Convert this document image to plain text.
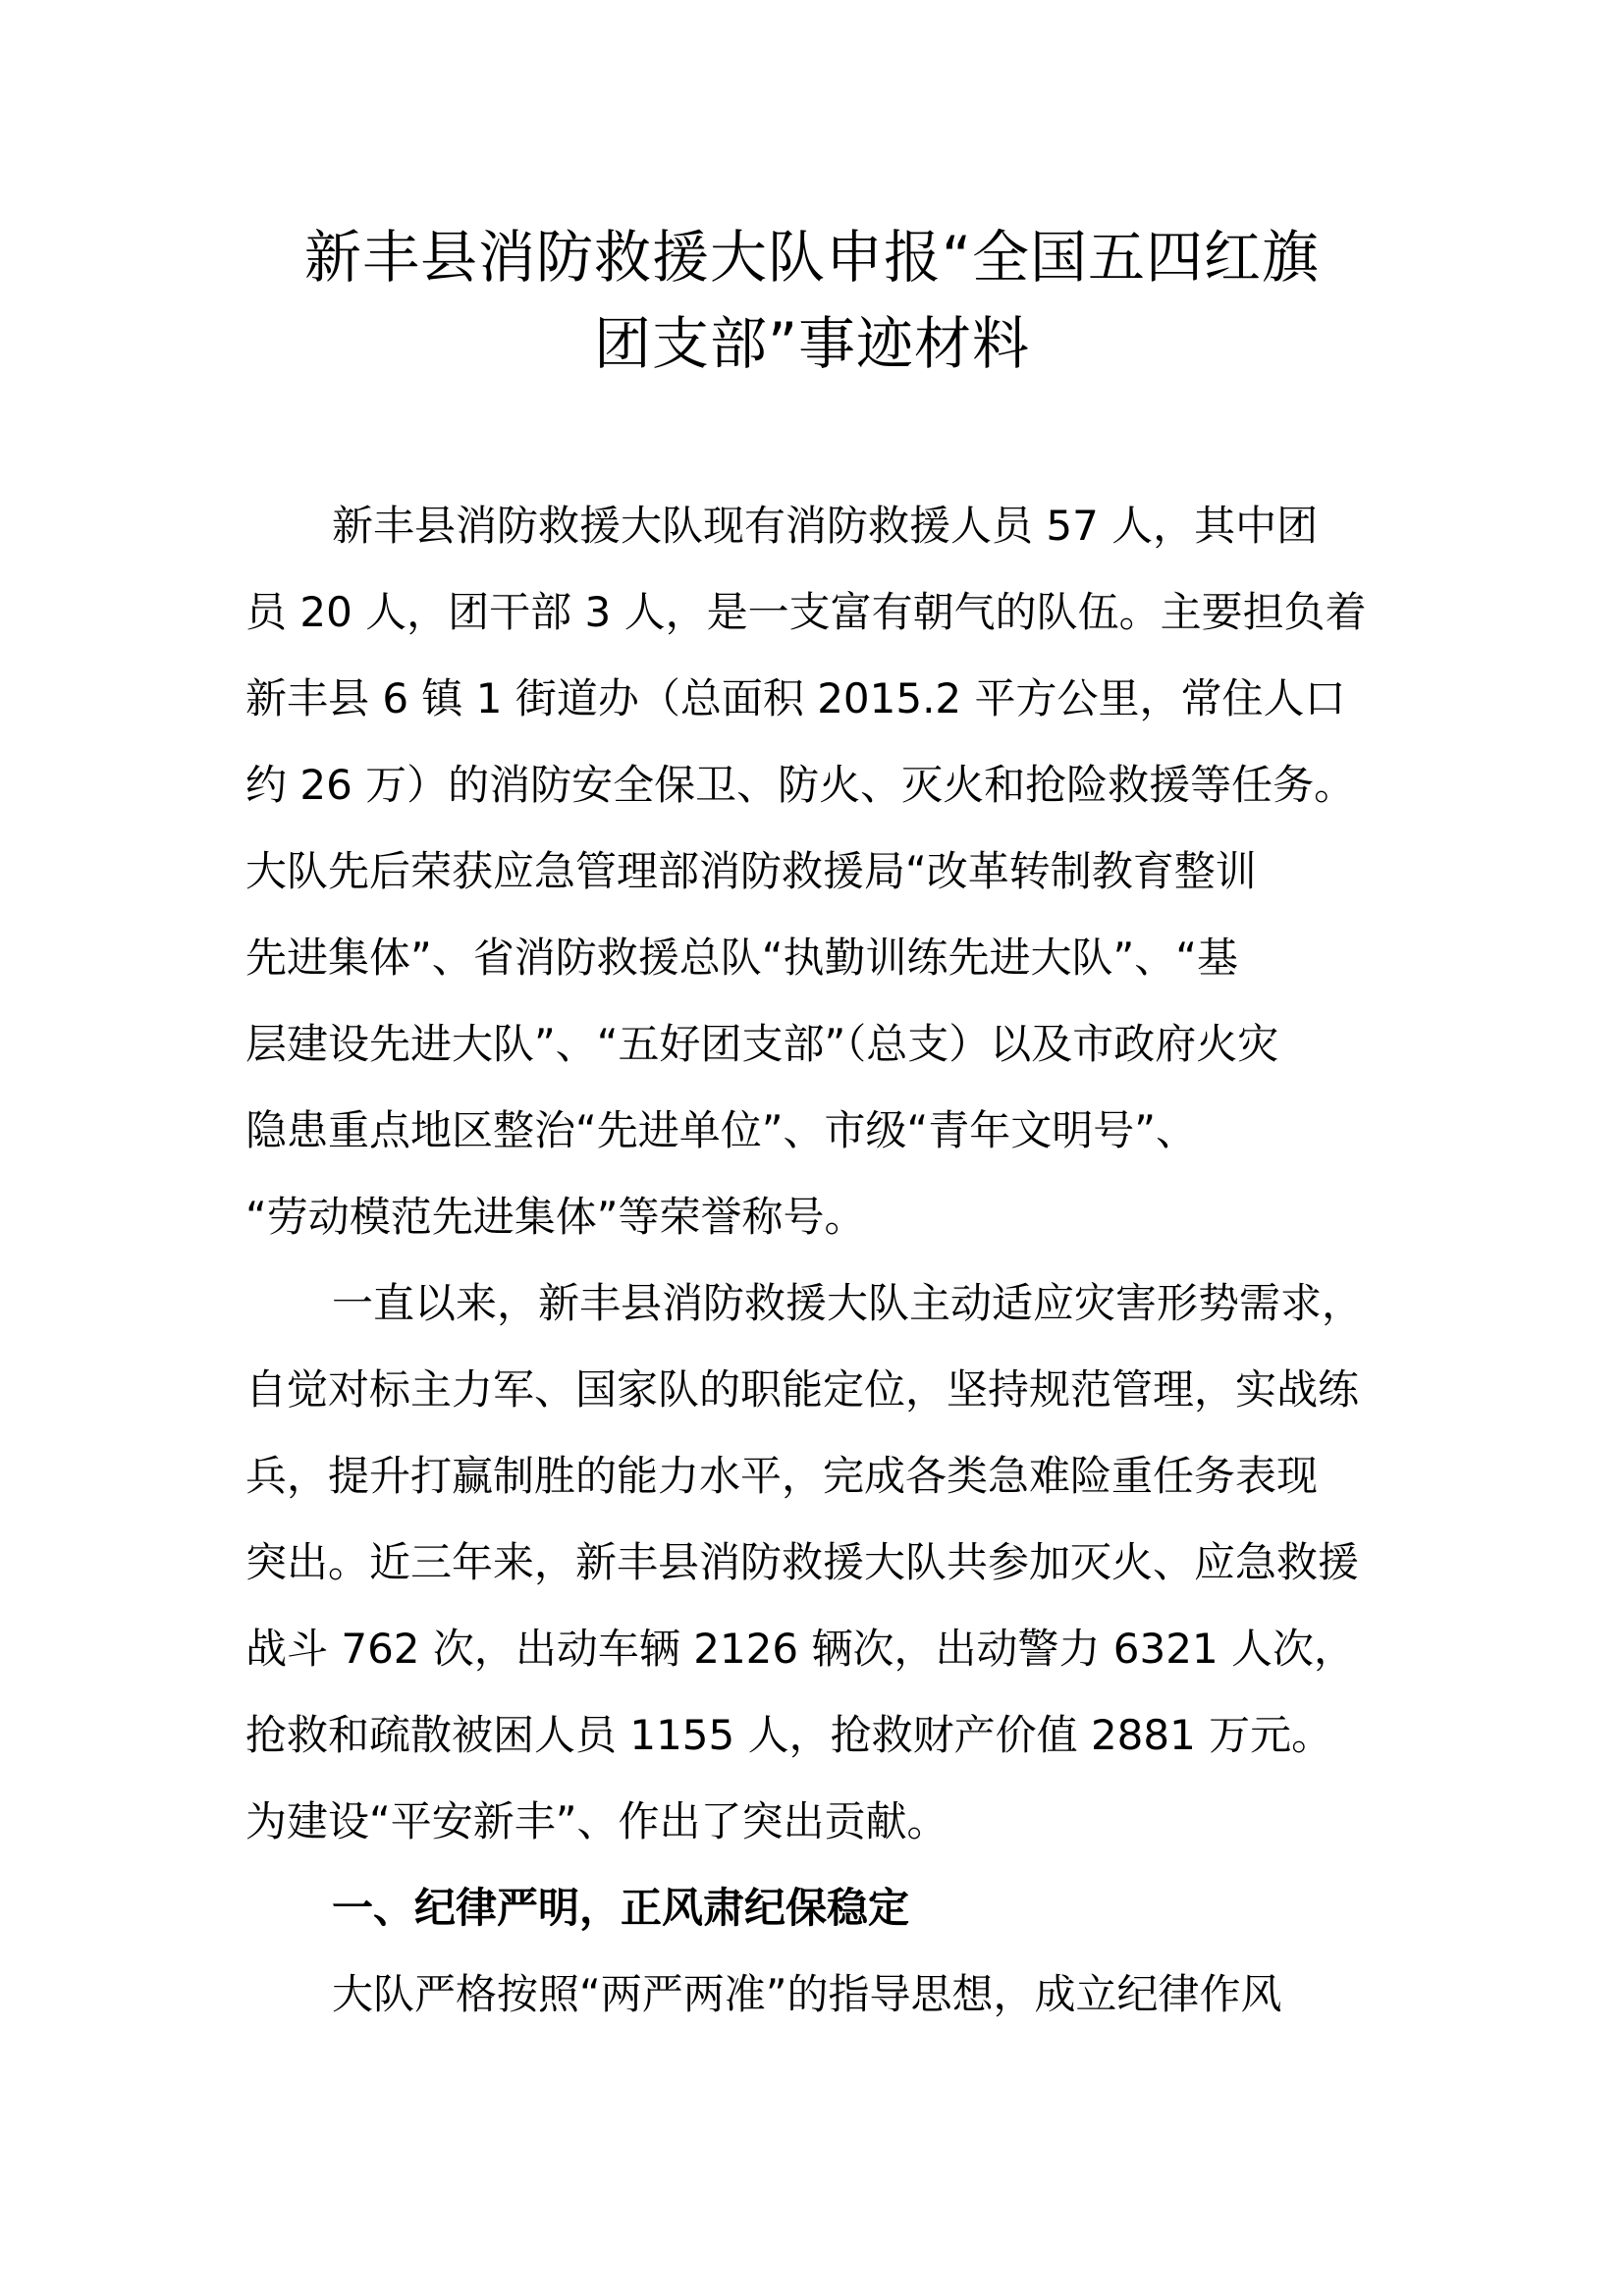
新丰县消防救援大队申报“全国五四红旗
团支部”事迹材料

新丰县消防救援大队现有消防救援人员 57 人，其中团

员 20 人，团干部 3 人，是一支富有朝气的队伍。主要担负着

新丰县 6 镇 1 街道办（总面积 2015.2 平方公里，常住人口

约 26 万）的消防安全保卫、防火、灭火和抢险救援等任务。

大队先后荣获应急管理部消防救援局“改革转制教育整训

先进集体”、省消防救援总队“执勤训练先进大队”、“基

层建设先进大队”、“五好团支部”（总支）以及市政府火灾

隐患重点地区整治“先进单位”、市级“青年文明号”、

“劳动模范先进集体”等荣誉称号。

一直以来，新丰县消防救援大队主动适应灾害形势需求，

自觉对标主力军、国家队的职能定位，坚持规范管理，实战练

兵，提升打赢制胜的能力水平，完成各类急难险重任务表现

突出。近三年来，新丰县消防救援大队共参加灭火、应急救援

战斗 762 次，出动车辆 2126 辆次，出动警力 6321 人次，

抢救和疏散被困人员 1155 人，抢救财产价值 2881 万元。

为建设“平安新丰”、作出了突出贡献。

一、纪律严明，正风肃纪保稳定

大队严格按照“两严两准”的指导思想，成立纪律作风
